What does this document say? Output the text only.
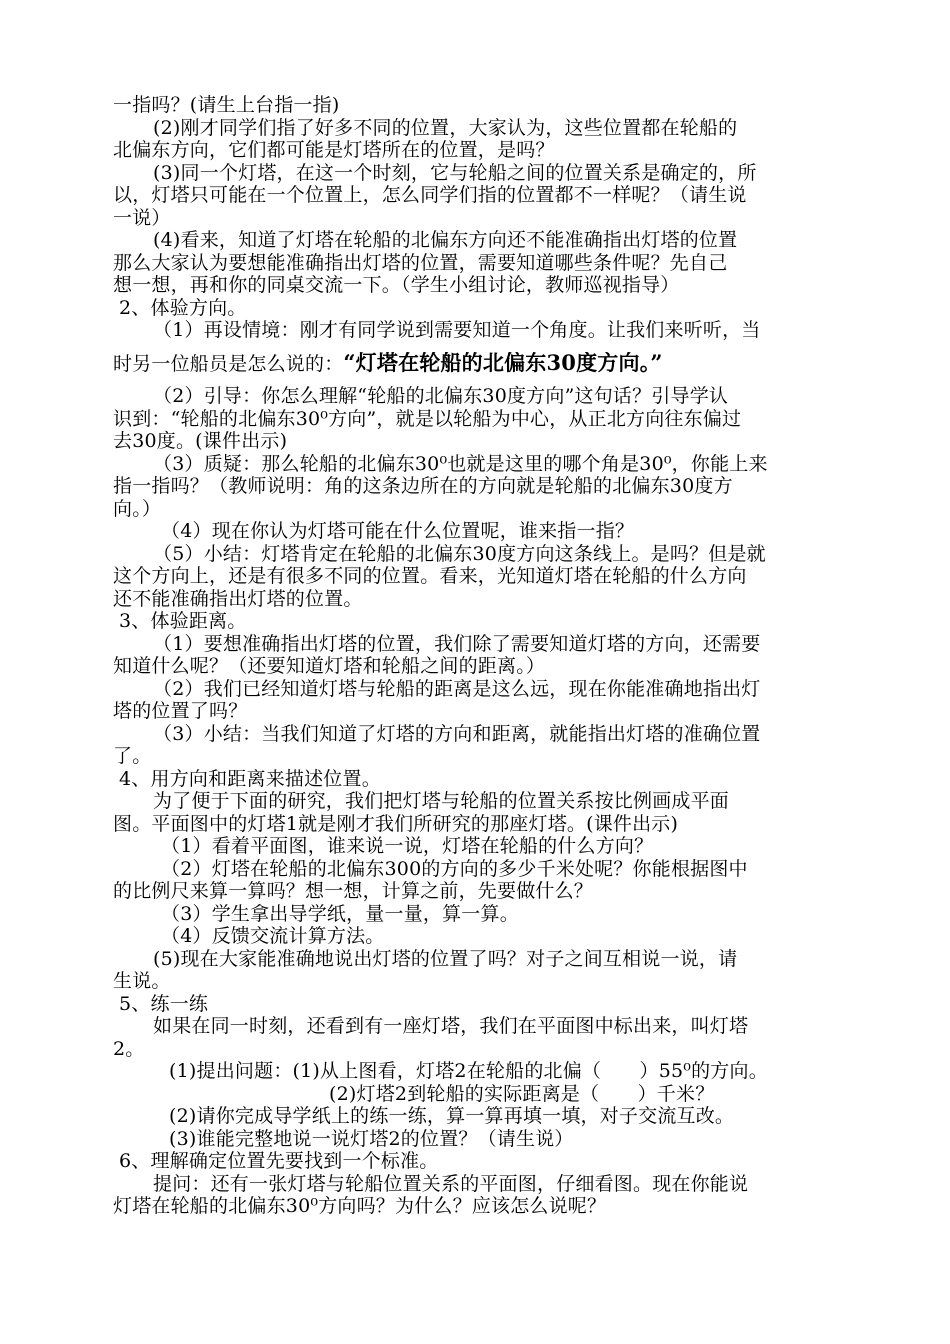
一指吗？(请生上台指一指)
(2)刚才同学们指了好多不同的位置，大家认为，这些位置都在轮船的
北偏东方向，它们都可能是灯塔所在的位置，是吗？
(3)同一个灯塔，在这一个时刻，它与轮船之间的位置关系是确定的，所
以，灯塔只可能在一个位置上，怎么同学们指的位置都不一样呢？（请生说
一说）
(4)看来，知道了灯塔在轮船的北偏东方向还不能准确指出灯塔的位置
那么大家认为要想能准确指出灯塔的位置，需要知道哪些条件呢？先自己
想一想，再和你的同桌交流一下。（学生小组讨论，教师巡视指导）
2、体验方向。
（1）再设情境：刚才有同学说到需要知道一个角度。让我们来听听，当
时另一位船员是怎么说的：“灯塔在轮船的北偏东30度方向。”
（2）引导：你怎么理解“轮船的北偏东30度方向”这句话？引导学认
识到：“轮船的北偏东30⁰方向”，就是以轮船为中心，从正北方向往东偏过
去30度。(课件出示)
（3）质疑：那么轮船的北偏东30⁰也就是这里的哪个角是30⁰，你能上来
指一指吗？（教师说明：角的这条边所在的方向就是轮船的北偏东30度方
向。）
（4）现在你认为灯塔可能在什么位置呢，谁来指一指？
（5）小结：灯塔肯定在轮船的北偏东30度方向这条线上。是吗？但是就
这个方向上，还是有很多不同的位置。看来，光知道灯塔在轮船的什么方向
还不能准确指出灯塔的位置。
3、体验距离。
（1）要想准确指出灯塔的位置，我们除了需要知道灯塔的方向，还需要
知道什么呢？（还要知道灯塔和轮船之间的距离。）
（2）我们已经知道灯塔与轮船的距离是这么远，现在你能准确地指出灯
塔的位置了吗？
（3）小结：当我们知道了灯塔的方向和距离，就能指出灯塔的准确位置
了。
4、用方向和距离来描述位置。
为了便于下面的研究，我们把灯塔与轮船的位置关系按比例画成平面
图。平面图中的灯塔1就是刚才我们所研究的那座灯塔。(课件出示)
（1）看着平面图，谁来说一说，灯塔在轮船的什么方向？
（2）灯塔在轮船的北偏东300的方向的多少千米处呢？你能根据图中
的比例尺来算一算吗？想一想，计算之前，先要做什么？
（3）学生拿出导学纸，量一量，算一算。
（4）反馈交流计算方法。
(5)现在大家能准确地说出灯塔的位置了吗？对子之间互相说一说，请
生说。
5、练一练
如果在同一时刻，还看到有一座灯塔，我们在平面图中标出来，叫灯塔
2。
(1)提出问题：(1)从上图看，灯塔2在轮船的北偏（　　）55⁰的方向。
(2)灯塔2到轮船的实际距离是（　　）千米？
(2)请你完成导学纸上的练一练，算一算再填一填，对子交流互改。
(3)谁能完整地说一说灯塔2的位置？（请生说）
6、理解确定位置先要找到一个标准。
提问：还有一张灯塔与轮船位置关系的平面图，仔细看图。现在你能说
灯塔在轮船的北偏东30⁰方向吗？为什么？应该怎么说呢？
